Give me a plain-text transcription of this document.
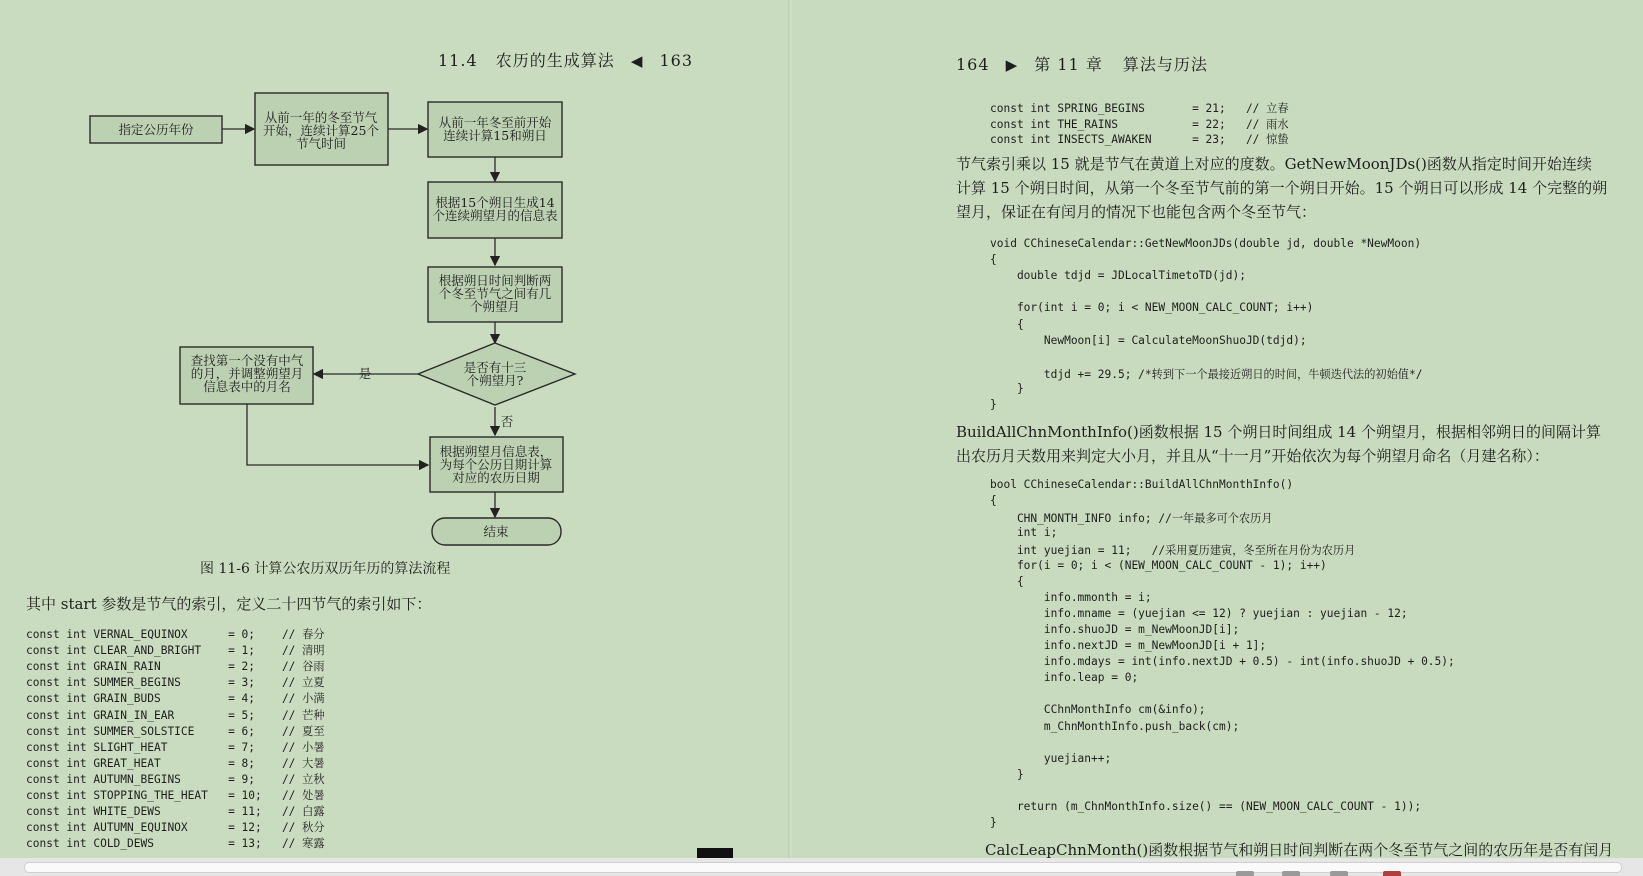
11.4 农历的生成算法 ◀ 163
指定公历年份
从前一年的冬至节气
开始，连续计算25个
节气时间
从前一年冬至前开始
连续计算15和朔日
根据15个朔日生成14
个连续朔望月的信息表
根据朔日时间判断两
个冬至节气之间有几
个朔望月
是否有十三
个朔望月?
查找第一个没有中气
的月，并调整朔望月
信息表中的月名
根据朔望月信息表，
为每个公历日期计算
对应的农历日期
结束
是
否
图 11-6 计算公农历双历年历的算法流程
其中 start 参数是节气的索引，定义二十四节气的索引如下：
const int VERNAL_EQUINOX      = 0;    // 春分
const int CLEAR_AND_BRIGHT    = 1;    // 清明
const int GRAIN_RAIN          = 2;    // 谷雨
const int SUMMER_BEGINS       = 3;    // 立夏
const int GRAIN_BUDS          = 4;    // 小满
const int GRAIN_IN_EAR        = 5;    // 芒种
const int SUMMER_SOLSTICE     = 6;    // 夏至
const int SLIGHT_HEAT         = 7;    // 小暑
const int GREAT_HEAT          = 8;    // 大暑
const int AUTUMN_BEGINS       = 9;    // 立秋
const int STOPPING_THE_HEAT   = 10;   // 处暑
const int WHITE_DEWS          = 11;   // 白露
const int AUTUMN_EQUINOX      = 12;   // 秋分
const int COLD_DEWS           = 13;   // 寒露
164 ▶ 第 11 章 算法与历法
const int SPRING_BEGINS       = 21;   // 立春
const int THE_RAINS           = 22;   // 雨水
const int INSECTS_AWAKEN      = 23;   // 惊蛰
节气索引乘以 15 就是节气在黄道上对应的度数。GetNewMoonJDs()函数从指定时间开始连续
计算 15 个朔日时间，从第一个冬至节气前的第一个朔日开始。15 个朔日可以形成 14 个完整的朔
望月，保证在有闰月的情况下也能包含两个冬至节气：
void CChineseCalendar::GetNewMoonJDs(double jd, double *NewMoon)
{
double tdjd = JDLocalTimetoTD(jd);
for(int i = 0; i < NEW_MOON_CALC_COUNT; i++)
{
NewMoon[i] = CalculateMoonShuoJD(tdjd);
tdjd += 29.5; /*转到下一个最接近朔日的时间，牛顿迭代法的初始值*/
}
}
BuildAllChnMonthInfo()函数根据 15 个朔日时间组成 14 个朔望月，根据相邻朔日的间隔计算
出农历月天数用来判定大小月，并且从“十一月”开始依次为每个朔望月命名（月建名称）：
bool CChineseCalendar::BuildAllChnMonthInfo()
{
CHN_MONTH_INFO info; //一年最多可个农历月
int i;
int yuejian = 11;   //采用夏历建寅，冬至所在月份为农历月
for(i = 0; i < (NEW_MOON_CALC_COUNT - 1); i++)
{
info.mmonth = i;
info.mname = (yuejian <= 12) ? yuejian : yuejian - 12;
info.shuoJD = m_NewMoonJD[i];
info.nextJD = m_NewMoonJD[i + 1];
info.mdays = int(info.nextJD + 0.5) - int(info.shuoJD + 0.5);
info.leap = 0;
CChnMonthInfo cm(&info);
m_ChnMonthInfo.push_back(cm);
yuejian++;
}
return (m_ChnMonthInfo.size() == (NEW_MOON_CALC_COUNT - 1));
}
CalcLeapChnMonth()函数根据节气和朔日时间判断在两个冬至节气之间的农历年是否有闰月
